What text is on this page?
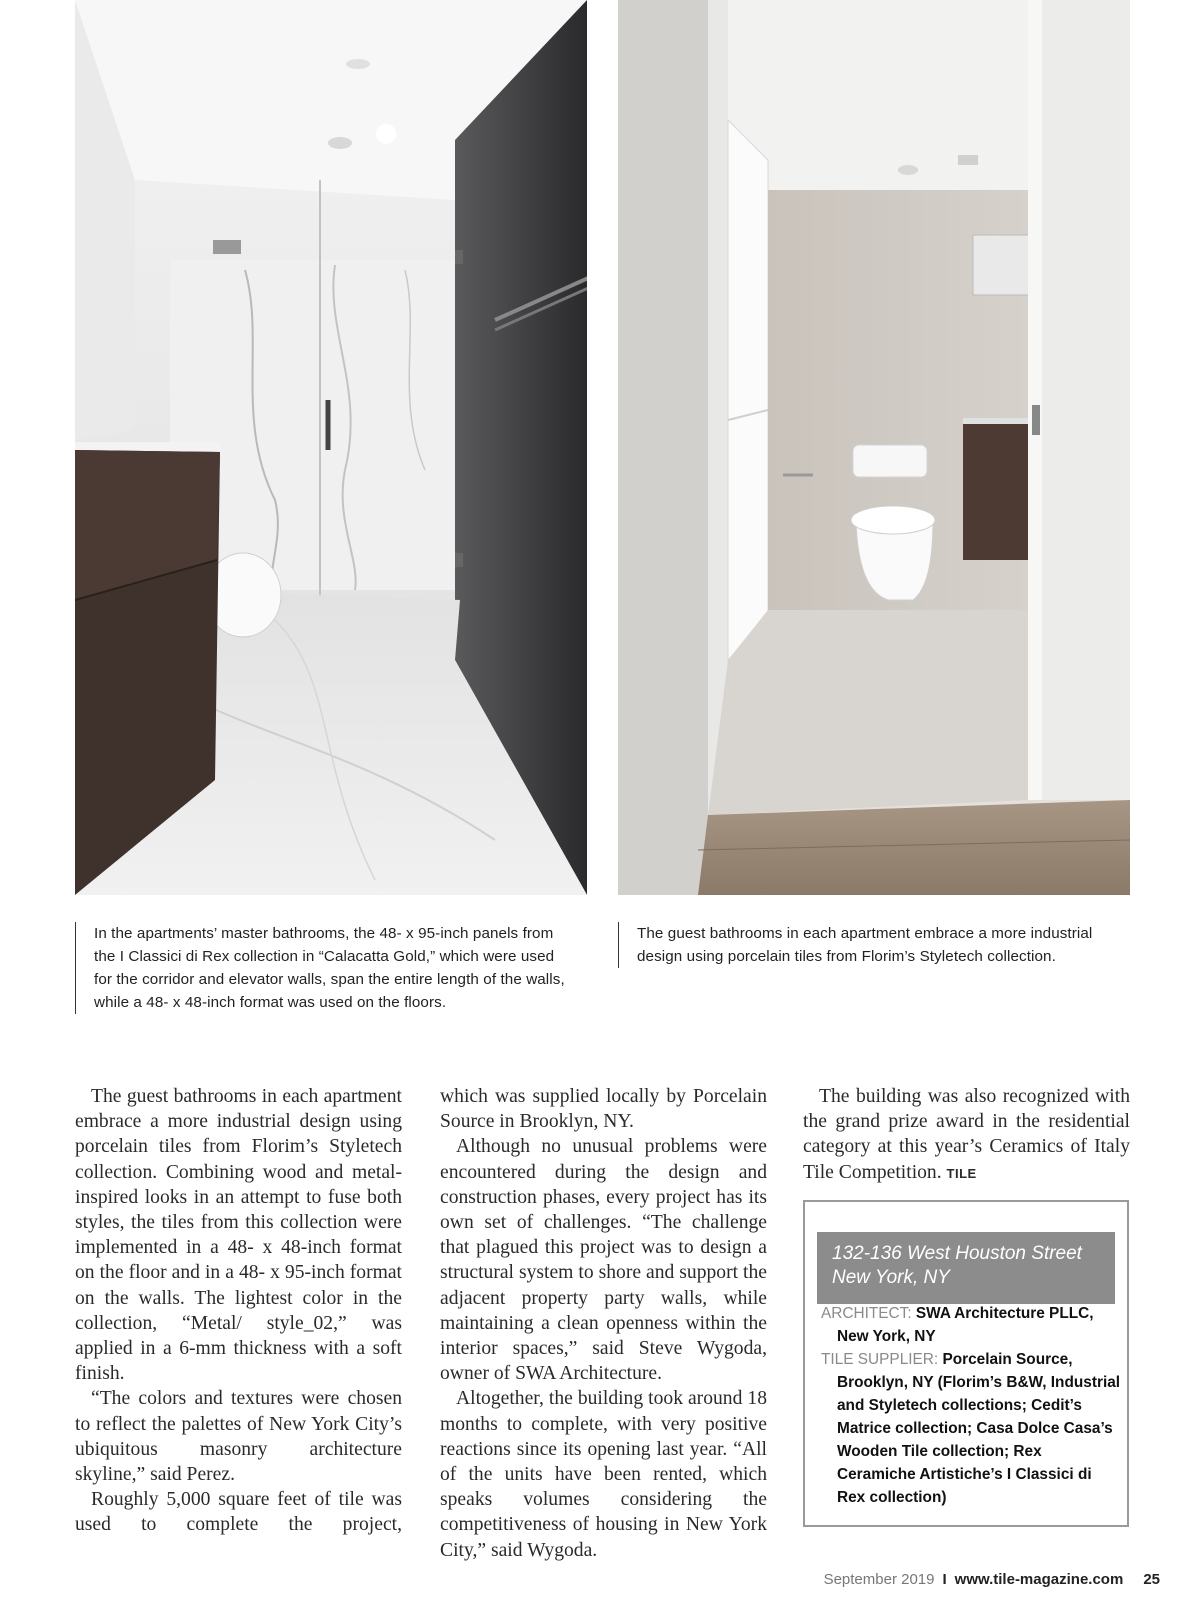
In the apartments’ master bathrooms, the 48- x 95-inch panels from the I Classici di Rex collection in “Calacatta Gold,” which were used for the corridor and elevator walls, span the entire length of the walls, while a 48- x 48-inch format was used on the floors.
The guest bathrooms in each apartment embrace a more industrial design using porcelain tiles from Florim’s Styletech collection.

The guest bathrooms in each apartment embrace a more industrial design using porcelain tiles from Florim’s Styletech collection. Combining wood and metal-inspired looks in an attempt to fuse both styles, the tiles from this collection were implemented in a 48- x 48-inch format on the floor and in a 48- x 95-inch format on the walls. The lightest color in the collection, “Metal/ style_02,” was applied in a 6-mm thickness with a soft finish.

“The colors and textures were chosen to reflect the palettes of New York City’s ubiquitous masonry architecture skyline,” said Perez.

Roughly 5,000 square feet of tile was used to complete the project,

which was supplied locally by Porcelain Source in Brooklyn, NY.

Although no unusual problems were encountered during the design and construction phases, every project has its own set of challenges. “The challenge that plagued this project was to design a structural system to shore and support the adjacent property party walls, while maintaining a clean openness within the interior spaces,” said Steve Wygoda, owner of SWA Architecture.

Altogether, the building took around 18 months to complete, with very positive reactions since its opening last year. “All of the units have been rented, which speaks volumes considering the competitiveness of housing in New York City,” said Wygoda.

The building was also recognized with the grand prize award in the residential category at this year’s Ceramics of Italy Tile Competition. TILE

132-136 West Houston Street
New York, NY
ARCHITECT: SWA Architecture PLLC, New York, NY
TILE SUPPLIER: Porcelain Source, Brooklyn, NY (Florim’s B&W, Industrial and Styletech collections; Cedit’s Matrice collection; Casa Dolce Casa’s Wooden Tile collection; Rex Ceramiche Artistiche’s I Classici di Rex collection)
September 2019 I www.tile-magazine.com 25
